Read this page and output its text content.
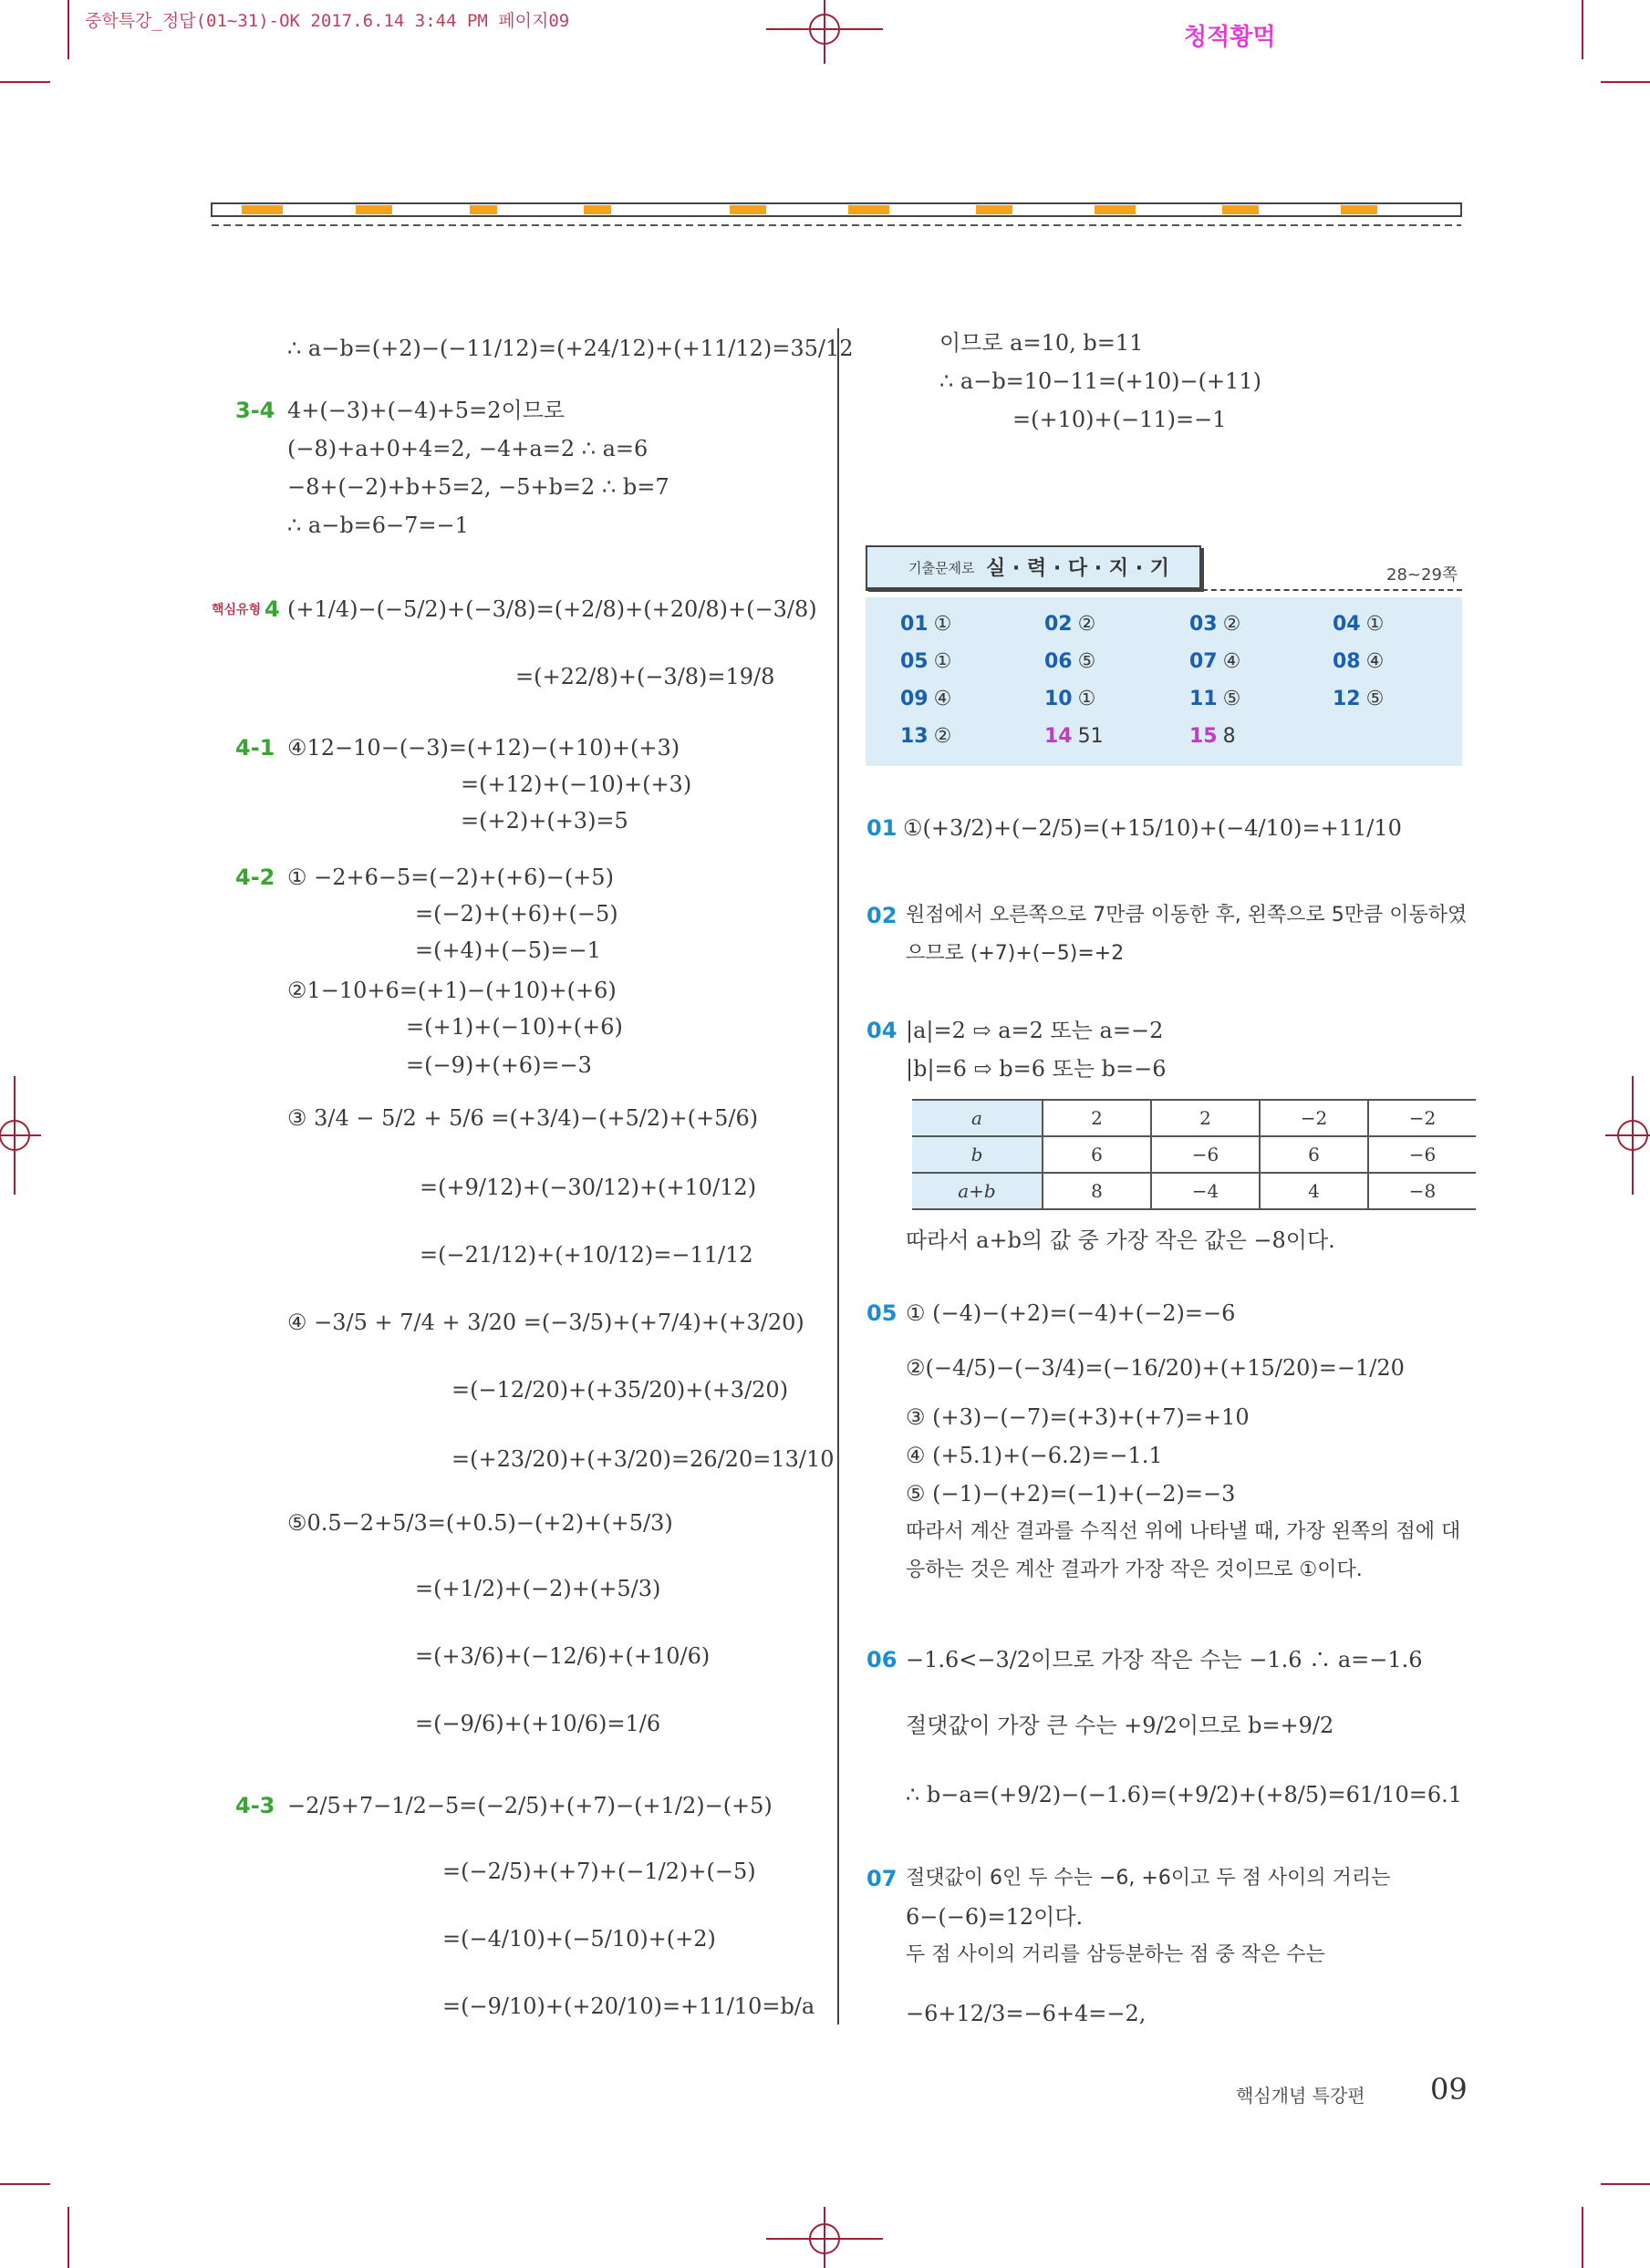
중학특강_정답(01~31)-OK 2017.6.14 3:44 PM 페이지09
청적황먹
∴ a−b=(+2)−(−11/12)=(+24/12)+(+11/12)=35/12
3-4 4+(−3)+(−4)+5=2이므로
(−8)+a+0+4=2, −4+a=2 ∴ a=6
−8+(−2)+b+5=2, −5+b=2 ∴ b=7
∴ a−b=6−7=−1
핵심유형 4 (+1/4)−(−5/2)+(−3/8)=(+2/8)+(+20/8)+(−3/8)
=(+22/8)+(−3/8)=19/8
4-1 ④12−10−(−3)=(+12)−(+10)+(+3)
=(+12)+(−10)+(+3)
=(+2)+(+3)=5
4-2 ① −2+6−5=(−2)+(+6)−(+5)
=(−2)+(+6)+(−5)
=(+4)+(−5)=−1
②1−10+6=(+1)−(+10)+(+6)
=(+1)+(−10)+(+6)
=(−9)+(+6)=−3
③ 3/4 − 5/2 + 5/6 =(+3/4)−(+5/2)+(+5/6)
=(+9/12)+(−30/12)+(+10/12)
=(−21/12)+(+10/12)=−11/12
④ −3/5 + 7/4 + 3/20 =(−3/5)+(+7/4)+(+3/20)
=(−12/20)+(+35/20)+(+3/20)
=(+23/20)+(+3/20)=26/20=13/10
⑤0.5−2+5/3=(+0.5)−(+2)+(+5/3)
=(+1/2)+(−2)+(+5/3)
=(+3/6)+(−12/6)+(+10/6)
=(−9/6)+(+10/6)=1/6
4-3 −2/5+7−1/2−5=(−2/5)+(+7)−(+1/2)−(+5)
=(−2/5)+(+7)+(−1/2)+(−5)
=(−4/10)+(−5/10)+(+2)
=(−9/10)+(+20/10)=+11/10=b/a
이므로 a=10, b=11
∴ a−b=10−11=(+10)−(+11)
=(+10)+(−11)=−1
기출문제로 실 · 력 · 다 · 지 · 기	28~29쪽
01 ①	02 ②	03 ②	04 ①
05 ①	06 ⑤	07 ④	08 ④
09 ④	10 ①	11 ⑤	12 ⑤
13 ②	14 51	15 8
01 ①(+3/2)+(−2/5)=(+15/10)+(−4/10)=+11/10
02 원점에서 오른쪽으로 7만큼 이동한 후, 왼쪽으로 5만큼 이동하였
으므로 (+7)+(−5)=+2
04 |a|=2 ⇨ a=2 또는 a=−2
|b|=6 ⇨ b=6 또는 b=−6
a	2	2	−2	−2
b	6	−6	6	−6
a+b	8	−4	4	−8
따라서 a+b의 값 중 가장 작은 값은 −8이다.
05 ① (−4)−(+2)=(−4)+(−2)=−6
②(−4/5)−(−3/4)=(−16/20)+(+15/20)=−1/20
③ (+3)−(−7)=(+3)+(+7)=+10
④ (+5.1)+(−6.2)=−1.1
⑤ (−1)−(+2)=(−1)+(−2)=−3
따라서 계산 결과를 수직선 위에 나타낼 때, 가장 왼쪽의 점에 대
응하는 것은 계산 결과가 가장 작은 것이므로 ①이다.
06 −1.6<−3/2이므로 가장 작은 수는 −1.6 ∴ a=−1.6
절댓값이 가장 큰 수는 +9/2이므로 b=+9/2
∴ b−a=(+9/2)−(−1.6)=(+9/2)+(+8/5)=61/10=6.1
07 절댓값이 6인 두 수는 −6, +6이고 두 점 사이의 거리는
6−(−6)=12이다.
두 점 사이의 거리를 삼등분하는 점 중 작은 수는
−6+12/3=−6+4=−2,
핵심개념 특강편 09
